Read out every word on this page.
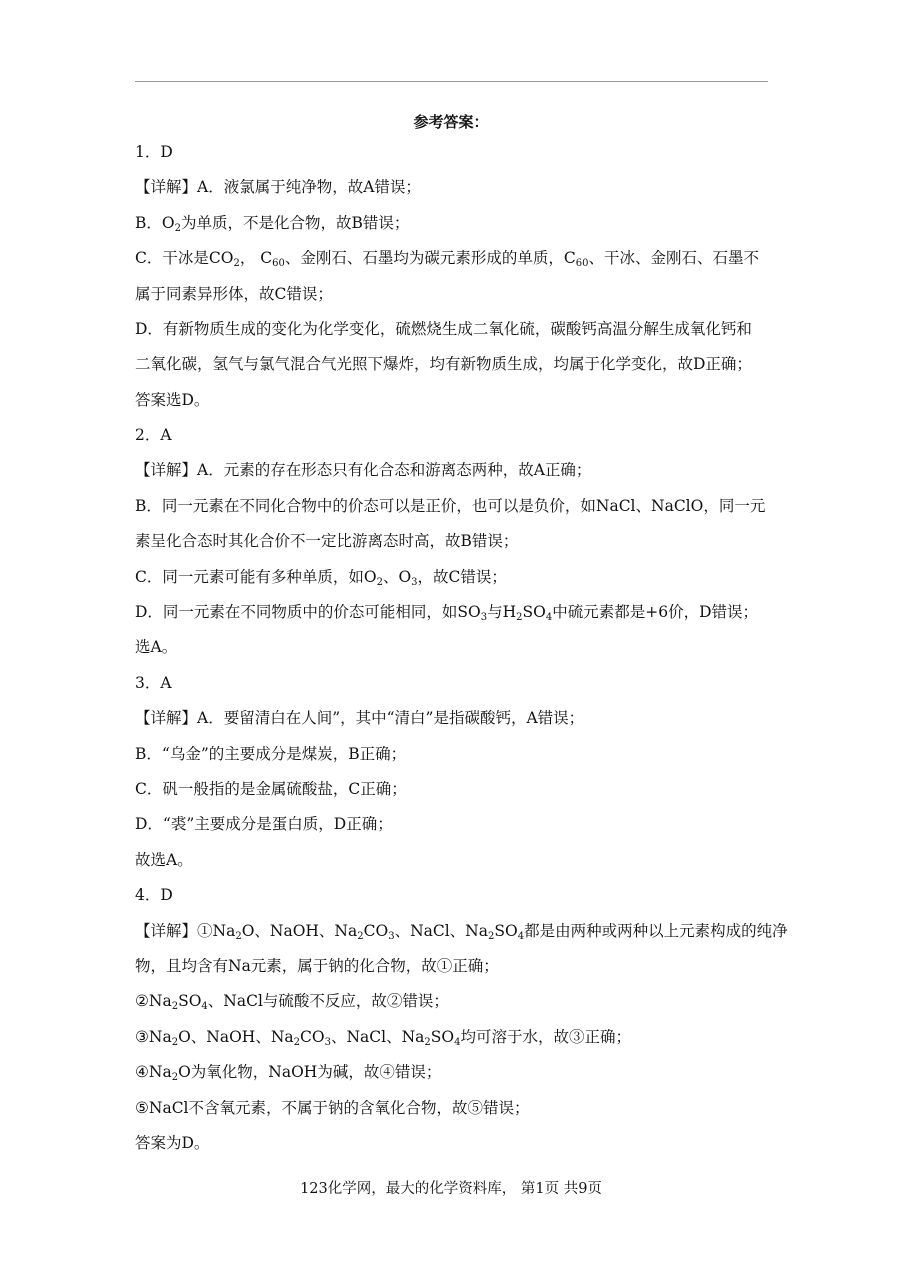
参考答案：
1．D
【详解】A．液氯属于纯净物，故A错误；
B．$O_2$为单质，不是化合物，故B错误；
C．干冰是$CO_2$， $C_{60}$、金刚石、石墨均为碳元素形成的单质，$C_{60}$、干冰、金刚石、石墨不
属于同素异形体，故C错误；
D．有新物质生成的变化为化学变化，硫燃烧生成二氧化硫，碳酸钙高温分解生成氧化钙和
二氧化碳，氢气与氯气混合气光照下爆炸，均有新物质生成，均属于化学变化，故D正确；
答案选D。
2．A
【详解】A．元素的存在形态只有化合态和游离态两种，故A正确；
B．同一元素在不同化合物中的价态可以是正价，也可以是负价，如NaCl、NaClO，同一元
素呈化合态时其化合价不一定比游离态时高，故B错误；
C．同一元素可能有多种单质，如$O_2$、$O_3$，故C错误；
D．同一元素在不同物质中的价态可能相同，如$SO_3$与$H_2SO_4$中硫元素都是+6价，D错误；
选A。
3．A
【详解】A．要留清白在人间”，其中“清白”是指碳酸钙，A错误；
B．“乌金”的主要成分是煤炭，B正确；
C．矾一般指的是金属硫酸盐，C正确；
D．“裘”主要成分是蛋白质，D正确；
故选A。
4．D
【详解】$①Na_2O$、NaOH、$Na_2CO_3$、NaCl、$Na_2SO_4$都是由两种或两种以上元素构成的纯净
物，且均含有Na元素，属于钠的化合物，故①正确；
$②Na_2SO_4$、NaCl与硫酸不反应，故②错误；
$③Na_2O$、NaOH、$Na_2CO_3$、NaCl、$Na_2SO_4$均可溶于水，故③正确；
$④Na_2O$为氧化物，NaOH为碱，故④错误；
⑤NaCl不含氧元素，不属于钠的含氧化合物，故⑤错误；
答案为D。
123化学网，最大的化学资料库， 第1页 共9页
